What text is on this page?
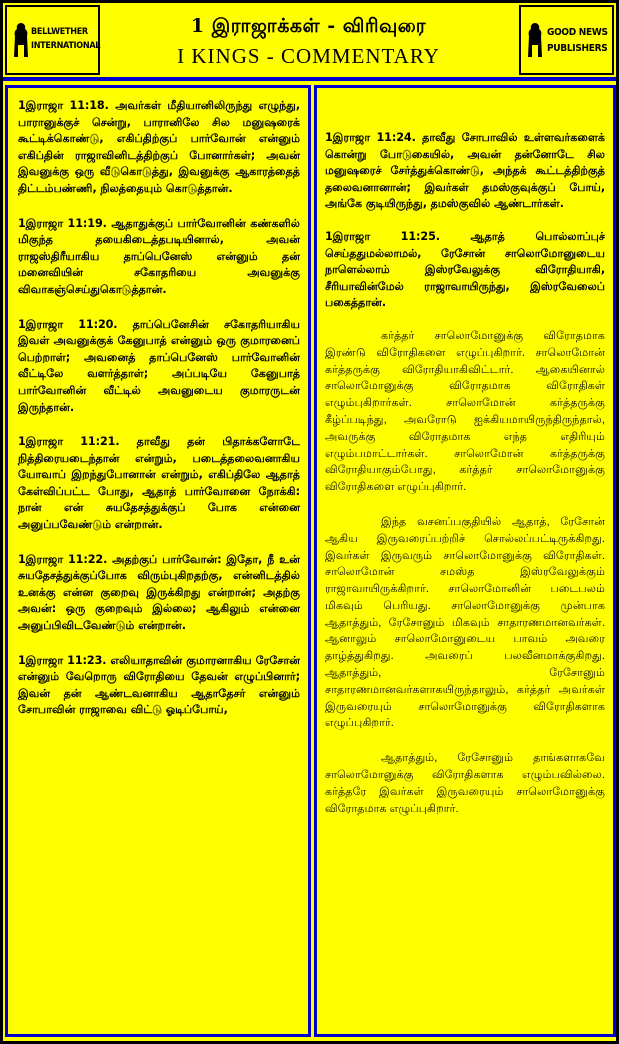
BELLWETHER
INTERNATIONAL
1 இராஜாக்கள் - விரிவுரை
I KINGS - COMMENTARY
GOOD NEWS
PUBLISHERS

1இராஜா 11:18. அவர்கள் மீதியானிலிருந்து எழுந்து, பாரானுக்குச் சென்று, பாரானிலே சில மனுஷரைக் கூட்டிக்கொண்டு, எகிப்திற்குப் பார்வோன் என்னும் எகிப்தின் ராஜாவினிடத்திற்குப் போனார்கள்; அவன் இவனுக்கு ஒரு வீடுகொடுத்து, இவனுக்கு ஆகாரத்தைத் திட்டம்பண்ணி, நிலத்தையும் கொடுத்தான்.

1இராஜா 11:19. ஆதாதுக்குப் பார்வோனின் கண்களில் மிகுந்த தயைகிடைத்தபடியினால், அவன் ராஜஸ்திரீயாகிய தாப்பெனேஸ் என்னும் தன் மனைவியின் சகோதரியை அவனுக்கு விவாகஞ்செய்துகொடுத்தான்.

1இராஜா 11:20. தாப்பெனேசின் சகோதரியாகிய இவள் அவனுக்குக் கேனுபாத் என்னும் ஒரு குமாரனைப் பெற்றாள்; அவனைத் தாப்பெனேஸ் பார்வோனின் வீட்டிலே வளர்த்தாள்; அப்படியே கேனுபாத் பார்வோனின் வீட்டில் அவனுடைய குமாரருடன் இருந்தான்.

1இராஜா 11:21. தாவீது தன் பிதாக்களோடே நித்திரையடைந்தான் என்றும், படைத்தலைவனாகிய யோவாப் இறந்துபோனான் என்றும், எகிப்திலே ஆதாத் கேள்விப்பட்ட போது, ஆதாத் பார்வோனை நோக்கி: நான் என் சுயதேசத்துக்குப் போக என்னை அனுப்பவேண்டும் என்றான்.

1இராஜா 11:22. அதற்குப் பார்வோன்: இதோ, நீ உன் சுயதேசத்துக்குப்போக விரும்புகிறதற்கு, என்னிடத்தில் உனக்கு என்ன குறைவு இருக்கிறது என்றான்; அதற்கு அவன்: ஒரு குறைவும் இல்லை; ஆகிலும் என்னை அனுப்பிவிடவேண்டும் என்றான்.

1இராஜா 11:23. எலியாதாவின் குமாரனாகிய ரேசோன் என்னும் வேறொரு விரோதியை தேவன் எழுப்பினார்; இவன் தன் ஆண்டவனாகிய ஆதாதேசர் என்னும் சோபாவின் ராஜாவை விட்டு ஓடிப்போய்,

1இராஜா 11:24. தாவீது சோபாவில் உள்ளவர்களைக் கொன்று போடுகையில், அவன் தன்னோடே சில மனுஷரைச் சேர்த்துக்கொண்டு, அந்தக் கூட்டத்திற்குத் தலைவனானான்; இவர்கள் தமஸ்குவுக்குப் போய், அங்கே குடியிருந்து, தமஸ்குவில் ஆண்டார்கள்.

1இராஜா 11:25. ஆதாத் பொல்லாப்புச் செய்ததுமல்லாமல், ரேசோன் சாலொமோனுடைய நாளெல்லாம் இஸ்ரவேலுக்கு விரோதியாகி, சீரியாவின்மேல் ராஜாவாயிருந்து, இஸ்ரவேலைப் பகைத்தான்.

கர்த்தர் சாலொமோனுக்கு விரோதமாக இரண்டு விரோதிகளை எழுப்புகிறார். சாலொமோன் கர்த்தருக்கு விரோதியாகிவிட்டார். ஆகையினால் சாலொமோனுக்கு விரோதமாக விரோதிகள் எழும்புகிறார்கள். சாலொமோன் கர்த்தருக்கு கீழ்ப்படிந்து, அவரோடு ஐக்கியமாயிருந்திருந்தால், அவருக்கு விரோதமாக எந்த எதிரியும் எழும்பமாட்டார்கள். சாலொமோன் கர்த்தருக்கு விரோதியாகும்போது, கர்த்தர் சாலொமோனுக்கு விரோதிகளை எழுப்புகிறார்.

இந்த வசனப்பகுதியில் ஆதாத், ரேசோன் ஆகிய இருவரைப்பற்றிச் சொல்லப்பட்டிருக்கிறது. இவர்கள் இருவரும் சாலொமோனுக்கு விரோதிகள். சாலொமோன் சமஸ்த இஸ்ரவேலுக்கும் ராஜாவாயிருக்கிறார். சாலொமோனின் படைபலம் மிகவும் பெரியது. சாலொமோனுக்கு முன்பாக ஆதாத்தும், ரேசோனும் மிகவும் சாதாரணமானவர்கள். ஆனாலும் சாலொமோனுடைய பாவம் அவரை தாழ்த்துகிறது. அவரைப் பலவீனமாக்குகிறது. ஆதாத்தும், ரேசோனும் சாதாரணமானவர்களாகயிருந்தாலும், கர்த்தர் அவர்கள் இருவரையும் சாலொமோனுக்கு விரோதிகளாக எழுப்புகிறார்.

ஆதாத்தும், ரேசோனும் தாங்களாகவே சாலொமோனுக்கு விரோதிகளாக எழும்பவில்லை. கர்த்தரே இவர்கள் இருவரையும் சாலொமோனுக்கு விரோதமாக எழுப்புகிறார்.
